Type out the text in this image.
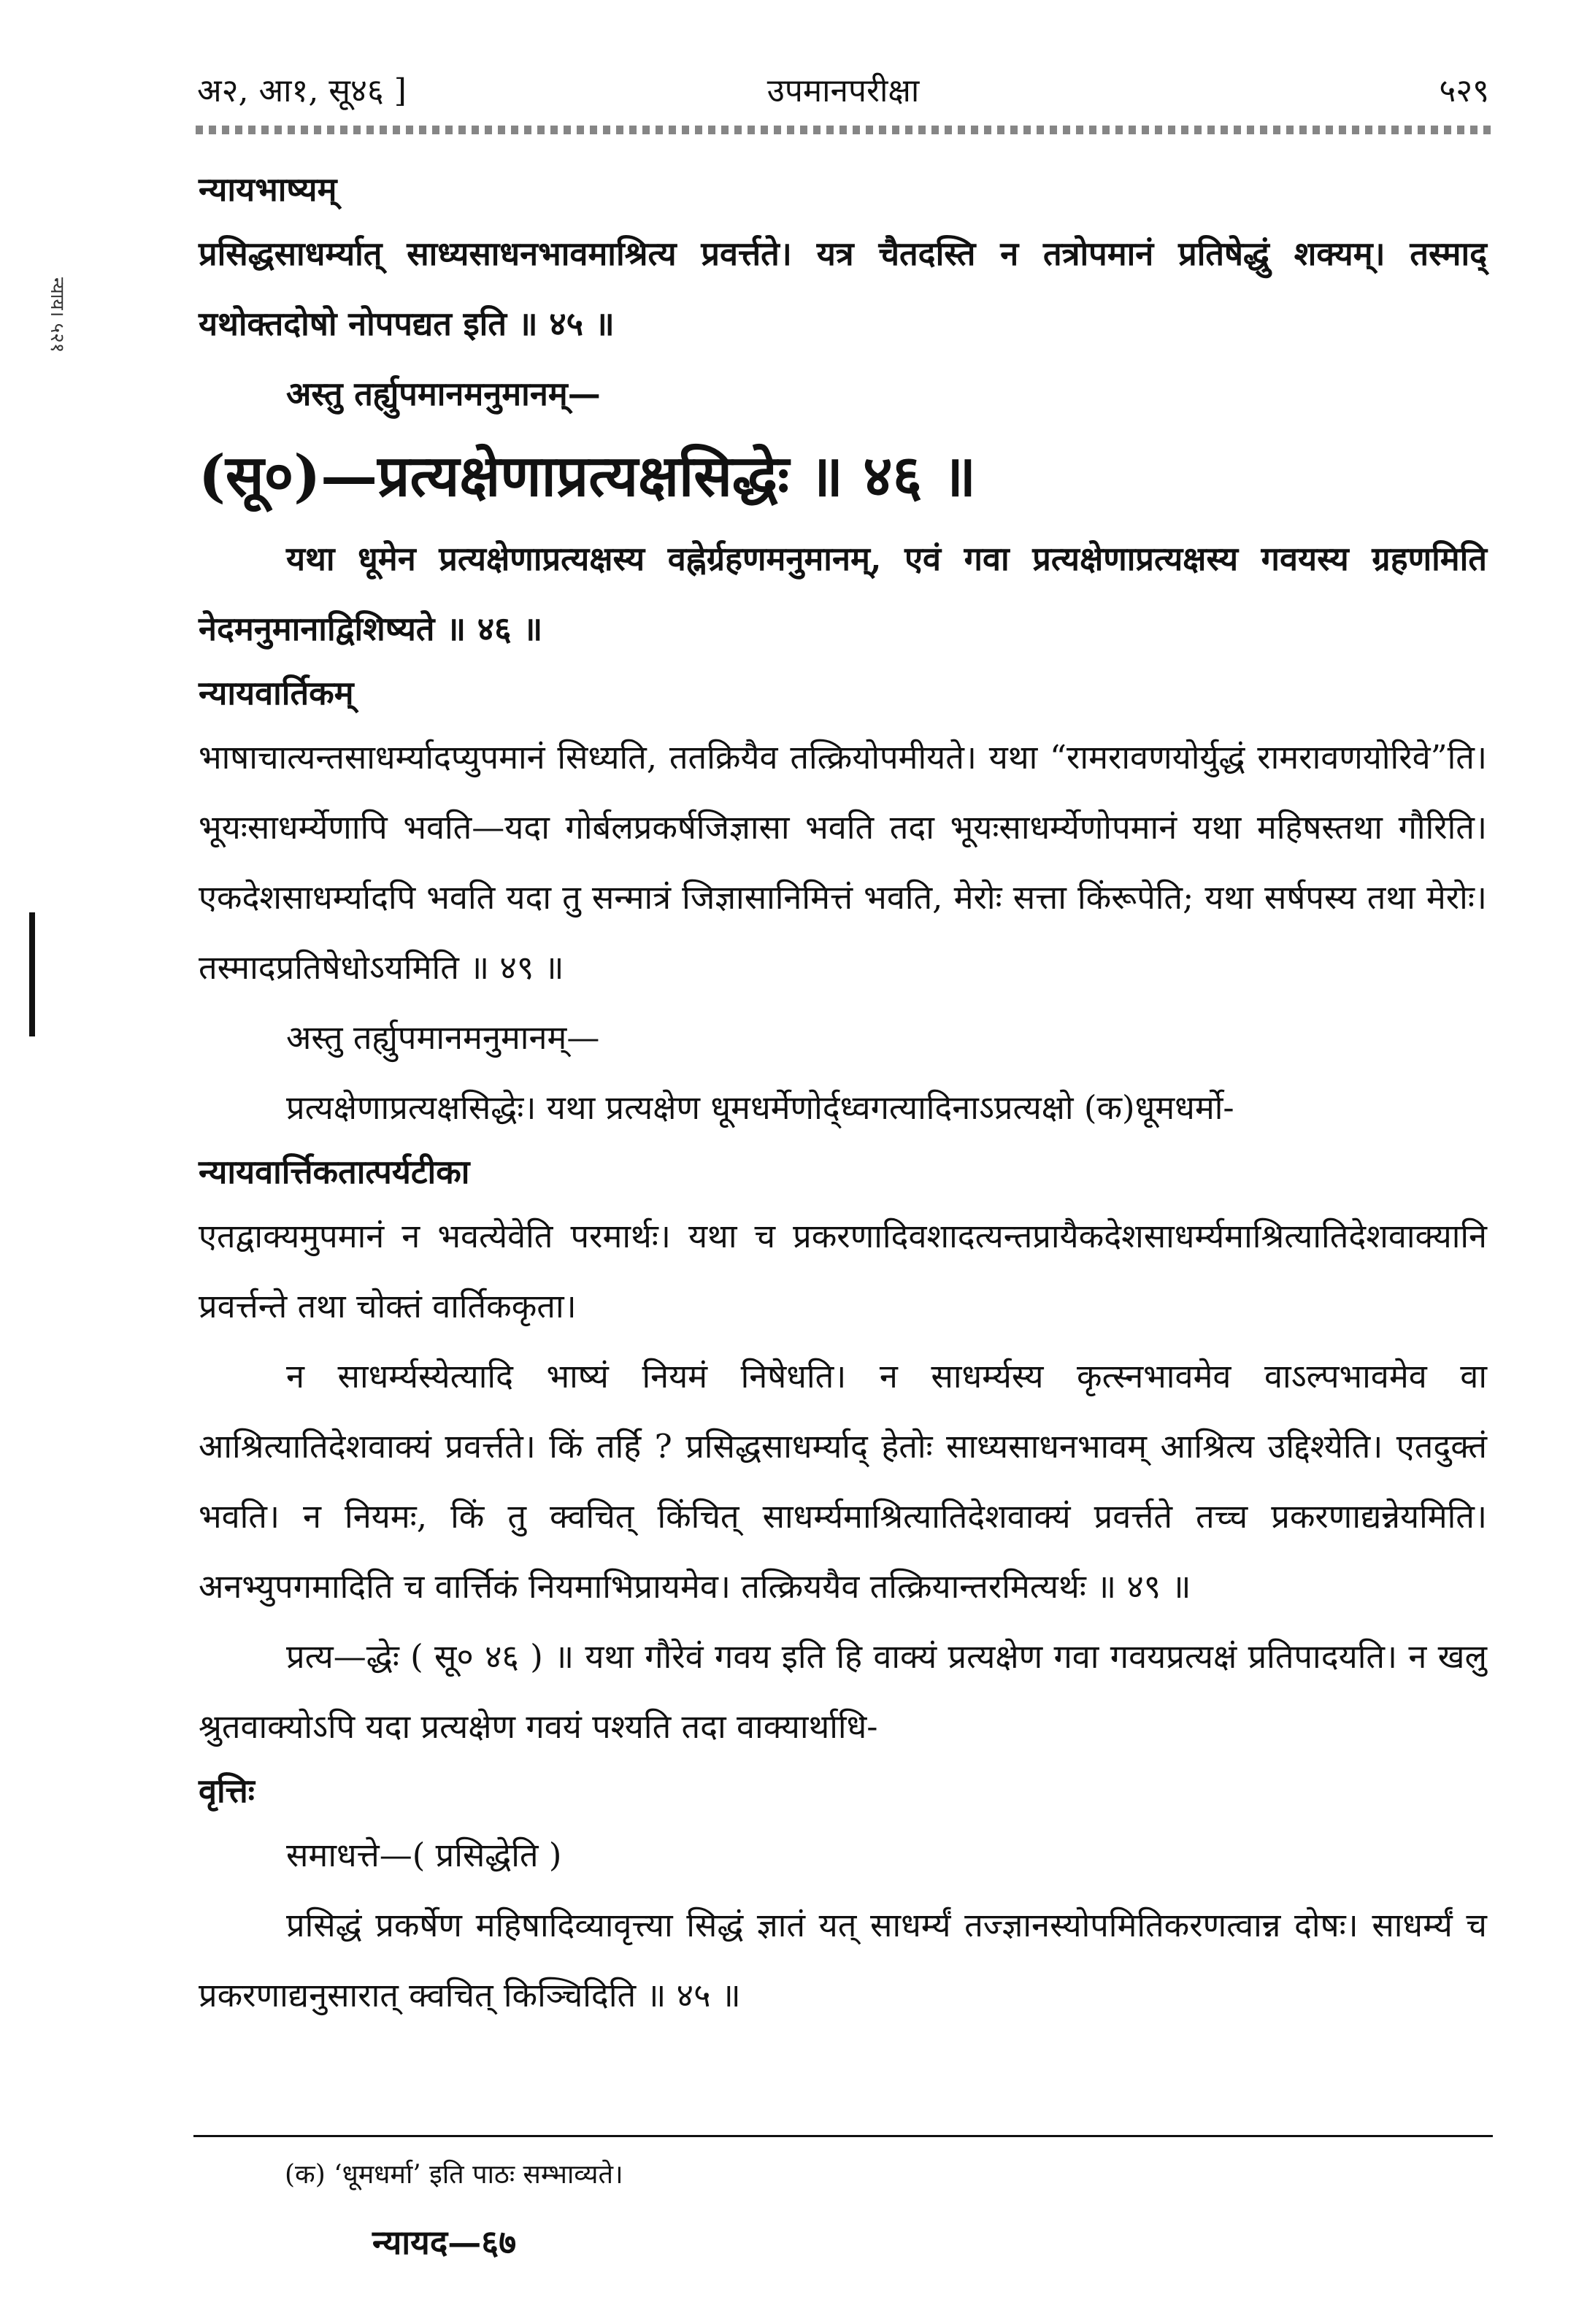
अ२, आ१, सू४६ ]	उपमानपरीक्षा	५२९
न्याय। ५२१

न्यायभाष्यम्

प्रसिद्धसाधर्म्यात् साध्यसाधनभावमाश्रित्य प्रवर्त्तते। यत्र चैतदस्ति न तत्रोपमानं प्रतिषेद्धुं शक्यम्। तस्माद् यथोक्तदोषो नोपपद्यत इति ॥ ४५ ॥

अस्तु तर्ह्युपमानमनुमानम्—

(सू०)—प्रत्यक्षेणाप्रत्यक्षसिद्धेः ॥ ४६ ॥

यथा धूमेन प्रत्यक्षेणाप्रत्यक्षस्य वह्नेर्ग्रहणमनुमानम्, एवं गवा प्रत्यक्षेणाप्रत्यक्षस्य गवयस्य ग्रहणमिति नेदमनुमानाद्विशिष्यते ॥ ४६ ॥

न्यायवार्तिकम्

भाषाचात्यन्तसाधर्म्यादप्युपमानं सिध्यति, ततक्रियैव तत्क्रियोपमीयते। यथा “रामरावणयोर्युद्धं रामरावणयोरिवे”ति। भूयःसाधर्म्येणापि भवति—यदा गोर्बलप्रकर्षजिज्ञासा भवति तदा भूयःसाधर्म्येणोपमानं यथा महिषस्तथा गौरिति। एकदेशसाधर्म्यादपि भवति यदा तु सन्मात्रं जिज्ञासानिमित्तं भवति, मेरोः सत्ता किंरूपेति; यथा सर्षपस्य तथा मेरोः। तस्मादप्रतिषेधोऽयमिति ॥ ४९ ॥

अस्तु तर्ह्युपमानमनुमानम्—

प्रत्यक्षेणाप्रत्यक्षसिद्धेः। यथा प्रत्यक्षेण धूमधर्मेणोर्द्ध्वगत्यादिनाऽप्रत्यक्षो (क)धूमधर्मो-

न्यायवार्त्तिकतात्पर्यटीका

एतद्वाक्यमुपमानं न भवत्येवेति परमार्थः। यथा च प्रकरणादिवशादत्यन्तप्रायैकदेशसाधर्म्यमाश्रित्यातिदेशवाक्यानि प्रवर्त्तन्ते तथा चोक्तं वार्तिककृता।

न साधर्म्यस्येत्यादि भाष्यं नियमं निषेधति। न साधर्म्यस्य कृत्स्नभावमेव वाऽल्पभावमेव वा आश्रित्यातिदेशवाक्यं प्रवर्त्तते। किं तर्हि ? प्रसिद्धसाधर्म्याद् हेतोः साध्यसाधनभावम् आश्रित्य उद्दिश्येति। एतदुक्तं भवति। न नियमः, किं तु क्वचित् किंचित् साधर्म्यमाश्रित्यातिदेशवाक्यं प्रवर्त्तते तच्च प्रकरणाद्यन्नेयमिति। अनभ्युपगमादिति च वार्त्तिकं नियमाभिप्रायमेव। तत्क्रिययैव तत्क्रियान्तरमित्यर्थः ॥ ४९ ॥

प्रत्य—द्धेः ( सू० ४६ ) ॥ यथा गौरेवं गवय इति हि वाक्यं प्रत्यक्षेण गवा गवयप्रत्यक्षं प्रतिपादयति। न खलु श्रुतवाक्योऽपि यदा प्रत्यक्षेण गवयं पश्यति तदा वाक्यार्थाधि-

वृत्तिः

समाधत्ते—( प्रसिद्धेति )

प्रसिद्धं प्रकर्षेण महिषादिव्यावृत्त्या सिद्धं ज्ञातं यत् साधर्म्यं तज्ज्ञानस्योपमितिकरणत्वान्न दोषः। साधर्म्यं च प्रकरणाद्यनुसारात् क्वचित् किञ्चिदिति ॥ ४५ ॥

(क) ‘धूमधर्मा’ इति पाठः सम्भाव्यते।
न्यायद—६७
